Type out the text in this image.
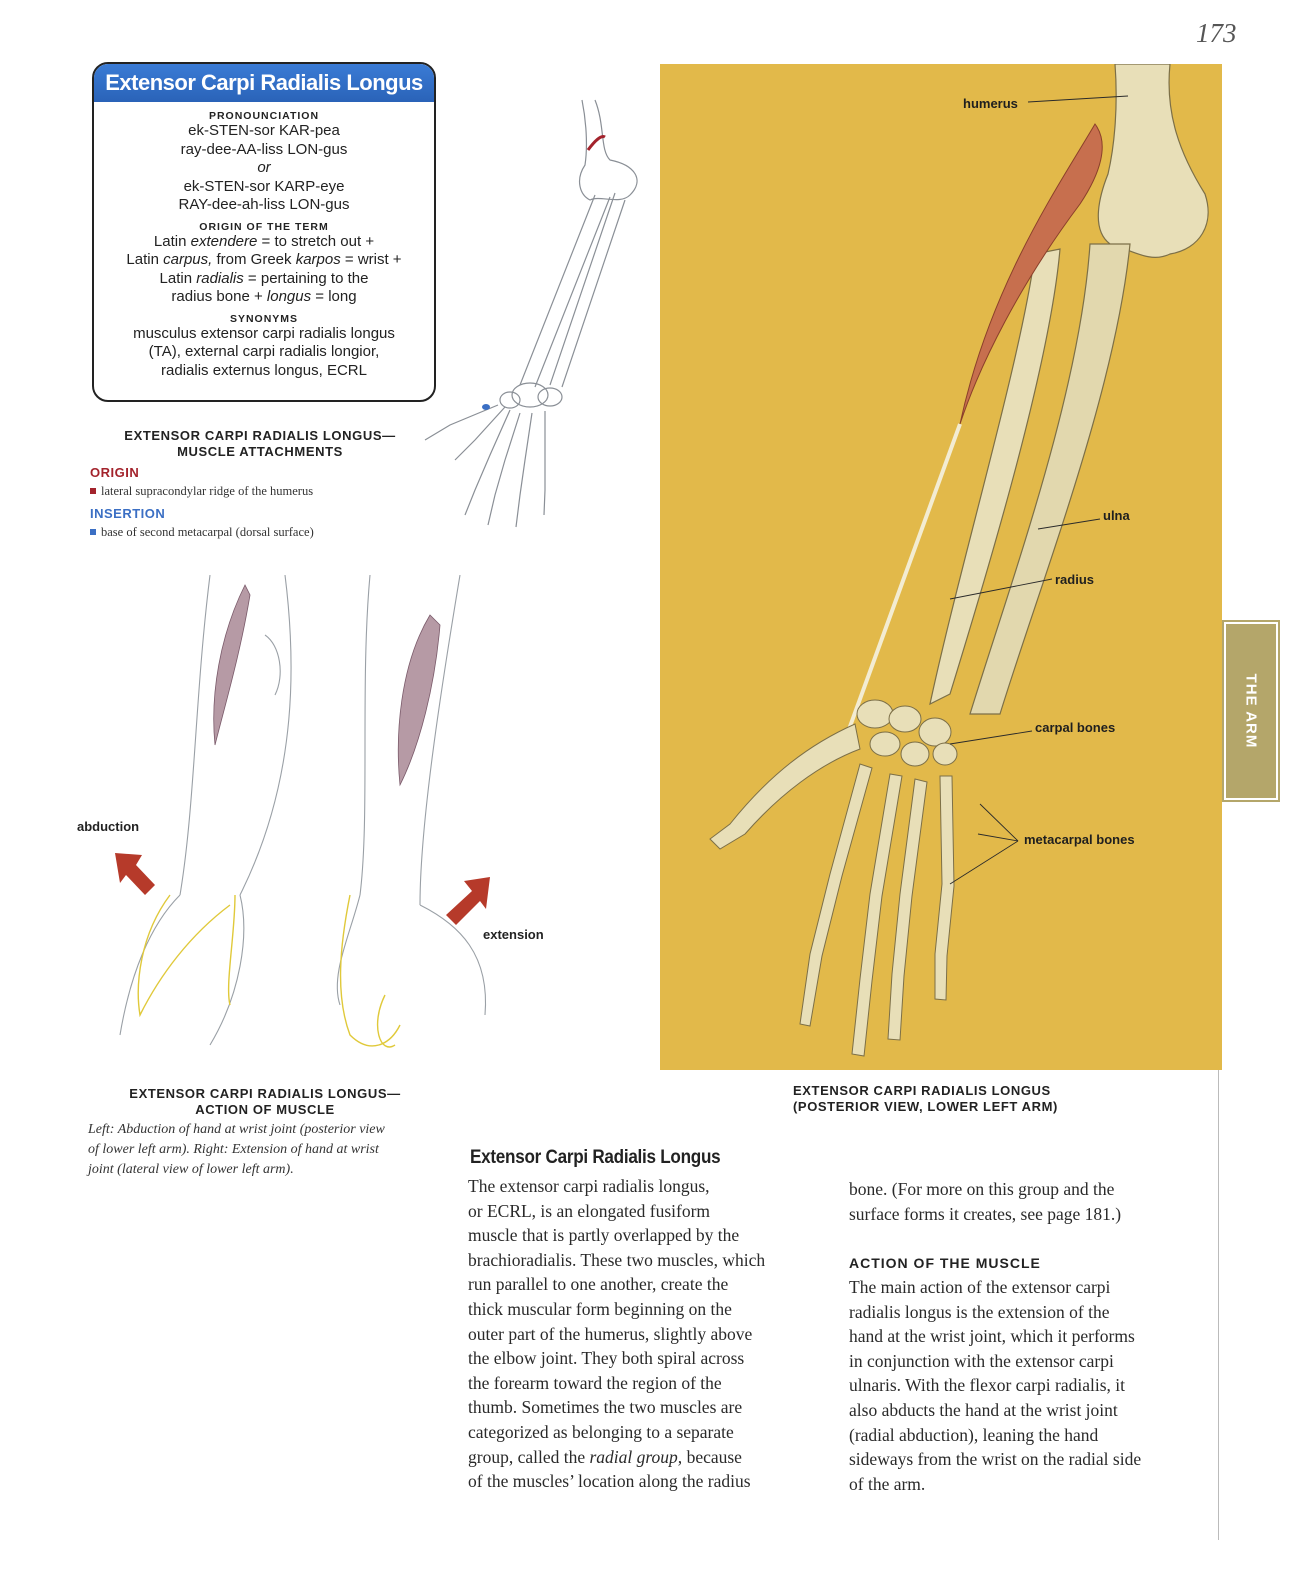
173
Extensor Carpi Radialis Longus
PRONOUNCIATION
ek-STEN-sor KAR-pea
ray-dee-AA-liss LON-gus
or
ek-STEN-sor KARP-eye
RAY-dee-ah-liss LON-gus
ORIGIN OF THE TERM
Latin extendere = to stretch out +
Latin carpus, from Greek karpos = wrist +
Latin radialis = pertaining to the
radius bone + longus = long
SYNONYMS
musculus extensor carpi radialis longus
(TA), external carpi radialis longior,
radialis externus longus, ECRL
EXTENSOR CARPI RADIALIS LONGUS—
MUSCLE ATTACHMENTS
ORIGIN
lateral supracondylar ridge of the humerus
INSERTION
base of second metacarpal (dorsal surface)
abduction
extension
EXTENSOR CARPI RADIALIS LONGUS—
ACTION OF MUSCLE
Left: Abduction of hand at wrist joint (posterior view
of lower left arm). Right: Extension of hand at wrist
joint (lateral view of lower left arm).
humerus
ulna
radius
carpal bones
metacarpal bones
EXTENSOR CARPI RADIALIS LONGUS
(POSTERIOR VIEW, LOWER LEFT ARM)
THE ARM
Extensor Carpi Radialis Longus
The extensor carpi radialis longus,
or ECRL, is an elongated fusiform
muscle that is partly overlapped by the
brachioradialis. These two muscles, which
run parallel to one another, create the
thick muscular form beginning on the
outer part of the humerus, slightly above
the elbow joint. They both spiral across
the forearm toward the region of the
thumb. Sometimes the two muscles are
categorized as belonging to a separate
group, called the radial group, because
of the muscles’ location along the radius
bone. (For more on this group and the
surface forms it creates, see page 181.)
ACTION OF THE MUSCLE
The main action of the extensor carpi
radialis longus is the extension of the
hand at the wrist joint, which it performs
in conjunction with the extensor carpi
ulnaris. With the flexor carpi radialis, it
also abducts the hand at the wrist joint
(radial abduction), leaning the hand
sideways from the wrist on the radial side
of the arm.
